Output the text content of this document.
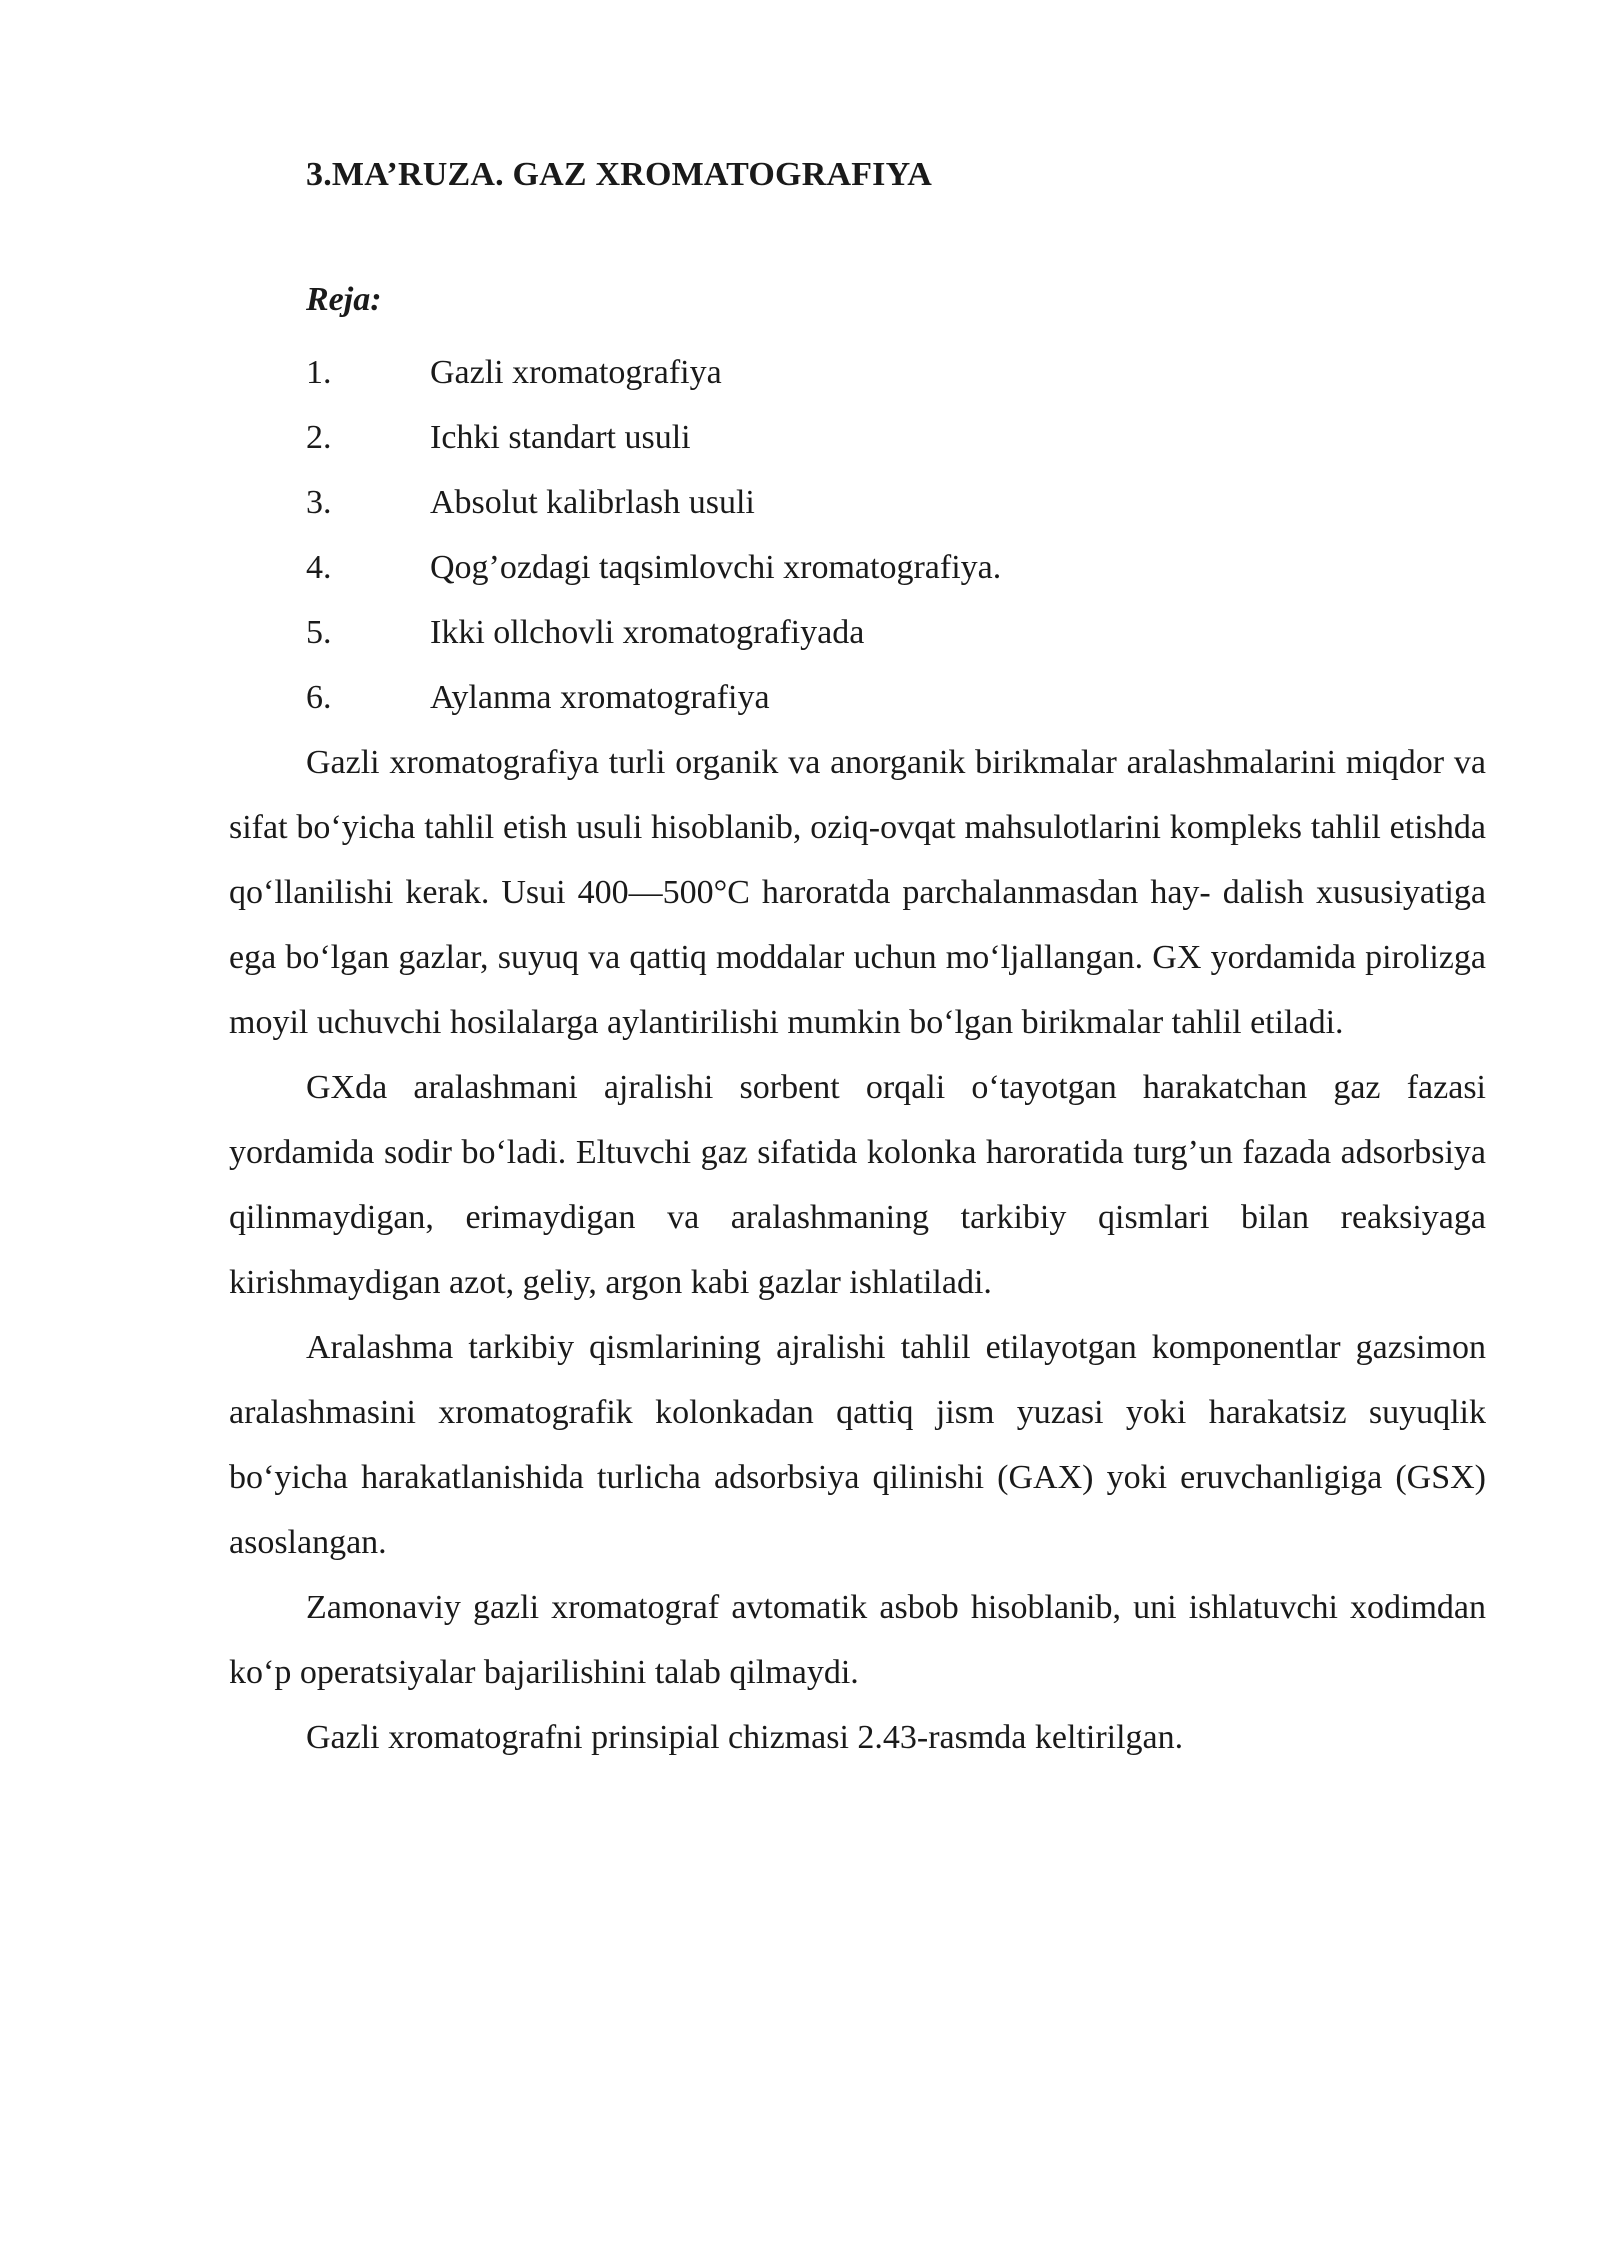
3.MA’RUZA. GAZ XROMATOGRAFIYA
Reja:
1.	Gazli xromatografiya
2.	Ichki standart usuli
3.	Absolut kalibrlash usuli
4.	Qog’ozdagi taqsimlovchi xromatografiya.
5.	Ikki ollchovli xromatografiyada
6.	Aylanma xromatografiya

Gazli xromatografiya turli organik va anorganik birikmalar aralashmalarini miqdor va sifat bo‘yicha tahlil etish usuli hisoblanib, oziq-ovqat mahsulotlarini kompleks tahlil etishda qo‘llanilishi kerak. Usui 400—500°C haroratda parchalanmasdan hay- dalish xususiyatiga ega bo‘lgan gazlar, suyuq va qattiq moddalar uchun mo‘ljallangan. GX yordamida pirolizga moyil uchuvchi hosilalarga aylantirilishi mumkin bo‘lgan birikmalar tahlil etiladi.

GXda aralashmani ajralishi sorbent orqali o‘tayotgan harakatchan gaz fazasi yordamida sodir bo‘ladi. Eltuvchi gaz sifatida kolonka haroratida turg’un fazada adsorbsiya qilinmaydigan, erimaydigan va aralashmaning tarkibiy qismlari bilan reaksiyaga kirishmaydigan azot, geliy, argon kabi gazlar ishlatiladi.

Aralashma tarkibiy qismlarining ajralishi tahlil etilayotgan komponentlar gazsimon aralashmasini xromatografik kolonkadan qattiq jism yuzasi yoki harakatsiz suyuqlik bo‘yicha harakatlanishida turlicha adsorbsiya qilinishi (GAX) yoki eruvchanligiga (GSX) asoslangan.

Zamonaviy gazli xromatograf avtomatik asbob hisoblanib, uni ishlatuvchi xodimdan ko‘p operatsiyalar bajarilishini talab qilmaydi.

Gazli xromatografni prinsipial chizmasi 2.43-rasmda keltirilgan.
